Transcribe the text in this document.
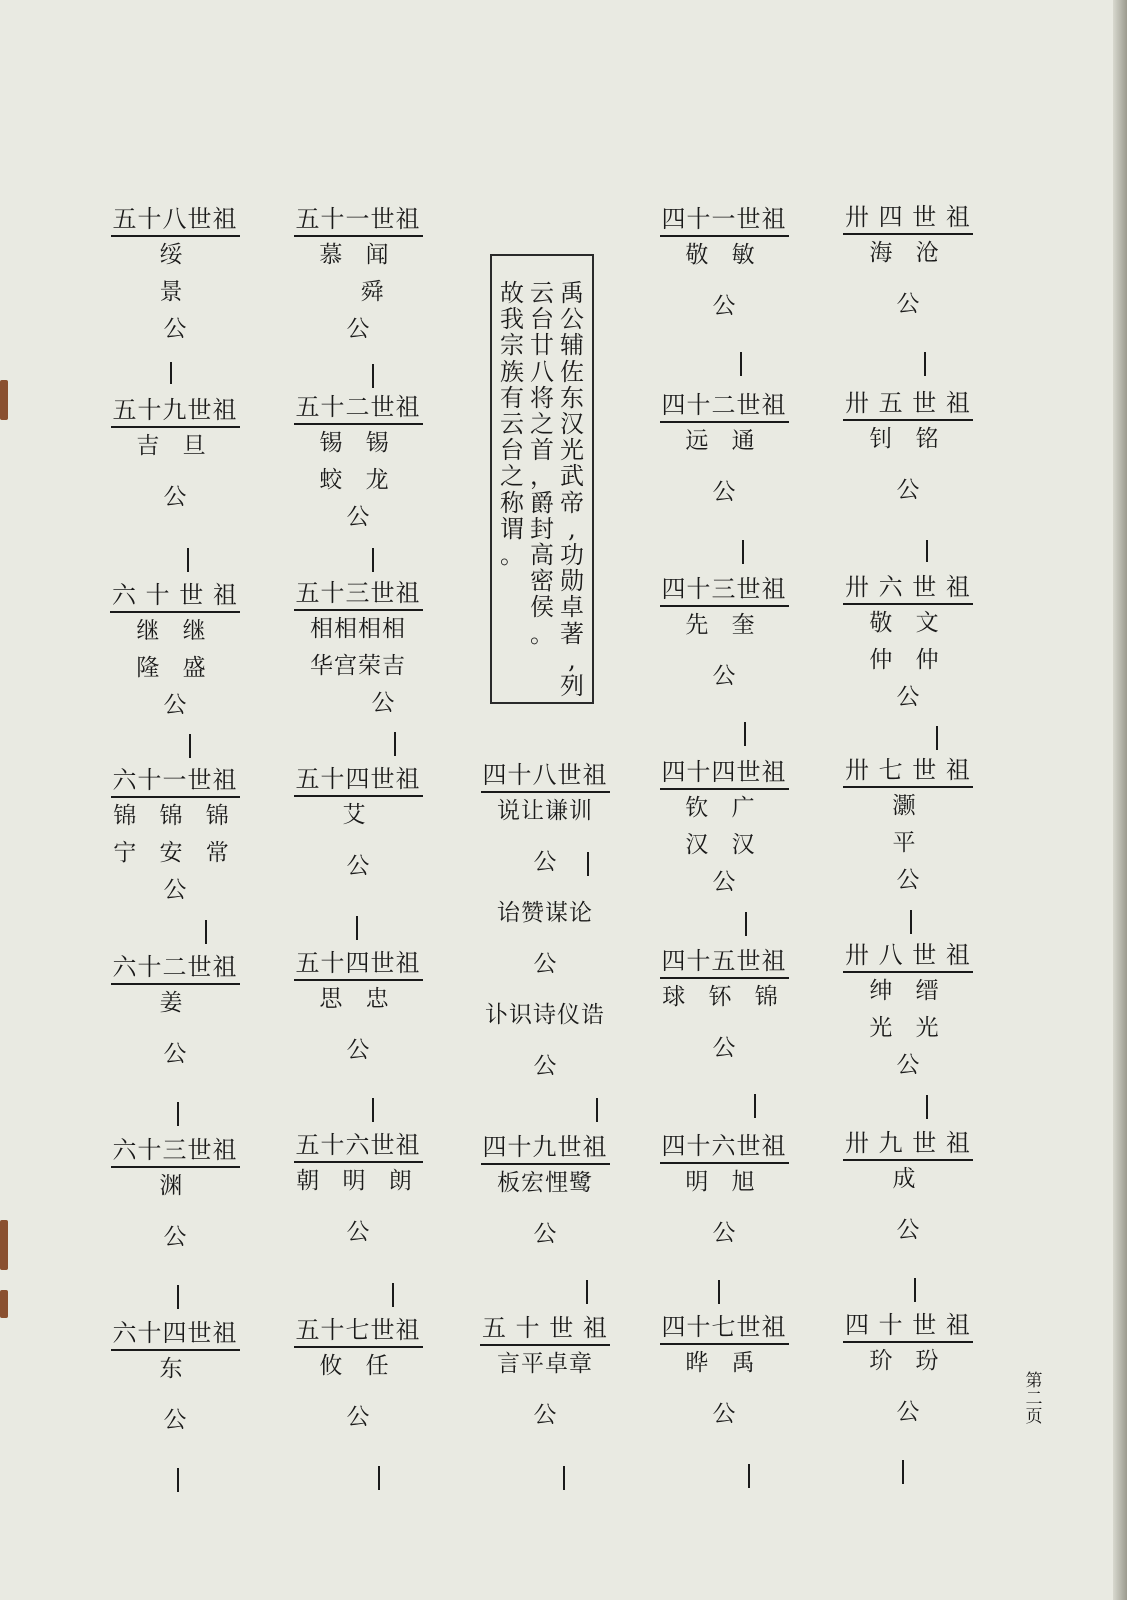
五十八世祖
绥
景
公
五十九世祖
吉 旦
公
六 十 世 祖
继 继
隆 盛
公
六十一世祖
锦 锦 锦
宁 安 常
公
六十二世祖
姜
公
六十三世祖
渊
公
六十四世祖
东
公
五十一世祖
慕 闻
舜
公
五十二世祖
锡 锡
蛟 龙
公
五十三世祖
相相相相
华宫荣吉
公
五十四世祖
艾
公
五十四世祖
思 忠
公
五十六世祖
朝 明 朗
公
五十七世祖
攸 任
公
禹
公
辅
佐
东
汉
光
武
帝
,
功
勋
卓
著
,
列
云
台
廿
八
将
之
首
，
爵
封
高
密
侯
。
故
我
宗
族
有
云
台
之
称
谓
。
四十八世祖
说让谦训
公
诒赞谋论
公
讣识诗仪诰
公
四十九世祖
板宏悝鹭
公
五 十 世 祖
言平卓章
公
四十一世祖
敬 敏
公
四十二世祖
远 通
公
四十三世祖
先 奎
公
四十四世祖
钦 广
汉 汉
公
四十五世祖
球 钚 锦
公
四十六世祖
明 旭
公
四十七世祖
晔 禹
公
卅 四 世 祖
海 沧
公
卅 五 世 祖
钊 铭
公
卅 六 世 祖
敬 文
仲 仲
公
卅 七 世 祖
灏
平
公
卅 八 世 祖
绅 缙
光 光
公
卅 九 世 祖
成
公
四 十 世 祖
玠 玢
公
第
二
页
